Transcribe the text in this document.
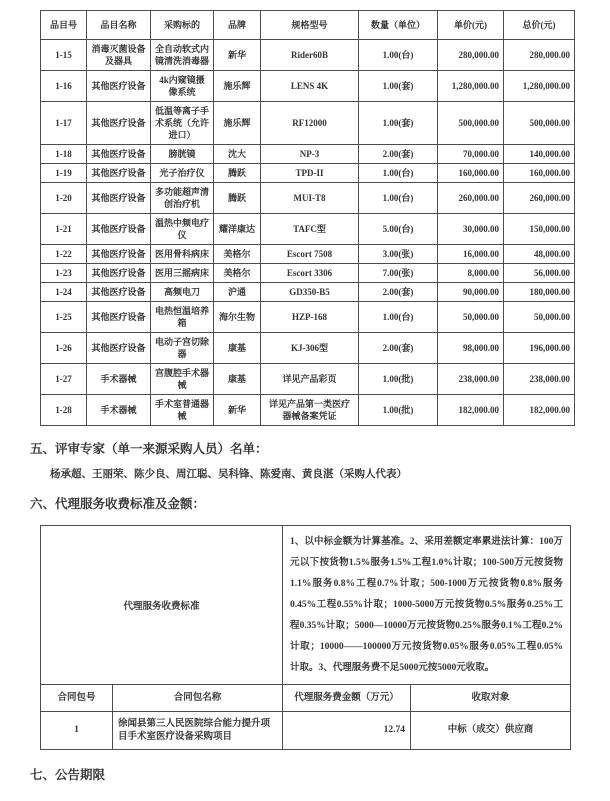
品目号	品目名称	采购标的	品牌	规格型号	数量（单位）	单价(元)	总价(元)
1-15	消毒灭菌设备及器具	全自动软式内镜清洗消毒器	新华	Rider60B	1.00(台)	280,000.00	280,000.00
1-16	其他医疗设备	4k内窥镜摄像系统	施乐辉	LENS 4K	1.00(套)	1,280,000.00	1,280,000.00
1-17	其他医疗设备	低温等离子手术系统（允许进口）	施乐辉	RF12000	1.00(套)	500,000.00	500,000.00
1-18	其他医疗设备	膀胱镜	沈大	NP-3	2.00(套)	70,000.00	140,000.00
1-19	其他医疗设备	光子治疗仪	腾跃	TPD-II	1.00(台)	160,000.00	160,000.00
1-20	其他医疗设备	多功能超声清创治疗机	腾跃	MUI-T8	1.00(台)	260,000.00	260,000.00
1-21	其他医疗设备	温热中频电疗仪	耀洋康达	TAFC型	5.00(台)	30,000.00	150,000.00
1-22	其他医疗设备	医用骨科病床	美格尔	Escort 7508	3.00(张)	16,000.00	48,000.00
1-23	其他医疗设备	医用三摇病床	美格尔	Escort 3306	7.00(张)	8,000.00	56,000.00
1-24	其他医疗设备	高频电刀	沪通	GD350-B5	2.00(套)	90,000.00	180,000.00
1-25	其他医疗设备	电热恒温培养箱	海尔生物	HZP-168	1.00(台)	50,000.00	50,000.00
1-26	其他医疗设备	电动子宫切除器	康基	KJ-306型	2.00(套)	98,000.00	196,000.00
1-27	手术器械	宫腹腔手术器械	康基	详见产品彩页	1.00(批)	238,000.00	238,000.00
1-28	手术器械	手术室普通器械	新华	详见产品第一类医疗器械备案凭证	1.00(批)	182,000.00	182,000.00
五、评审专家（单一来源采购人员）名单：
杨承超、王丽荣、陈少良、周江聪、吴科锋、陈爱南、黄良湛（采购人代表）
六、代理服务收费标准及金额：
代理服务收费标准		1、以中标金额为计算基准。2、采用差额定率累进法计算：100万元以下按货物1.5%服务1.5%工程1.0%计取；100-500万元按货物1.1%服务0.8%工程0.7%计取；500-1000万元按货物0.8%服务0.45%工程0.55%计取；1000-5000万元按货物0.5%服务0.25%工程0.35%计取；5000—10000万元按货物0.25%服务0.1%工程0.2%计取；10000——100000万元按货物0.05%服务0.05%工程0.05%计取。3、代理服务费不足5000元按5000元收取。	
合同包号	合同包名称	代理服务费金额（万元）	收取对象
1	徐闻县第三人民医院综合能力提升项目手术室医疗设备采购项目	12.74	中标（成交）供应商
七、公告期限
